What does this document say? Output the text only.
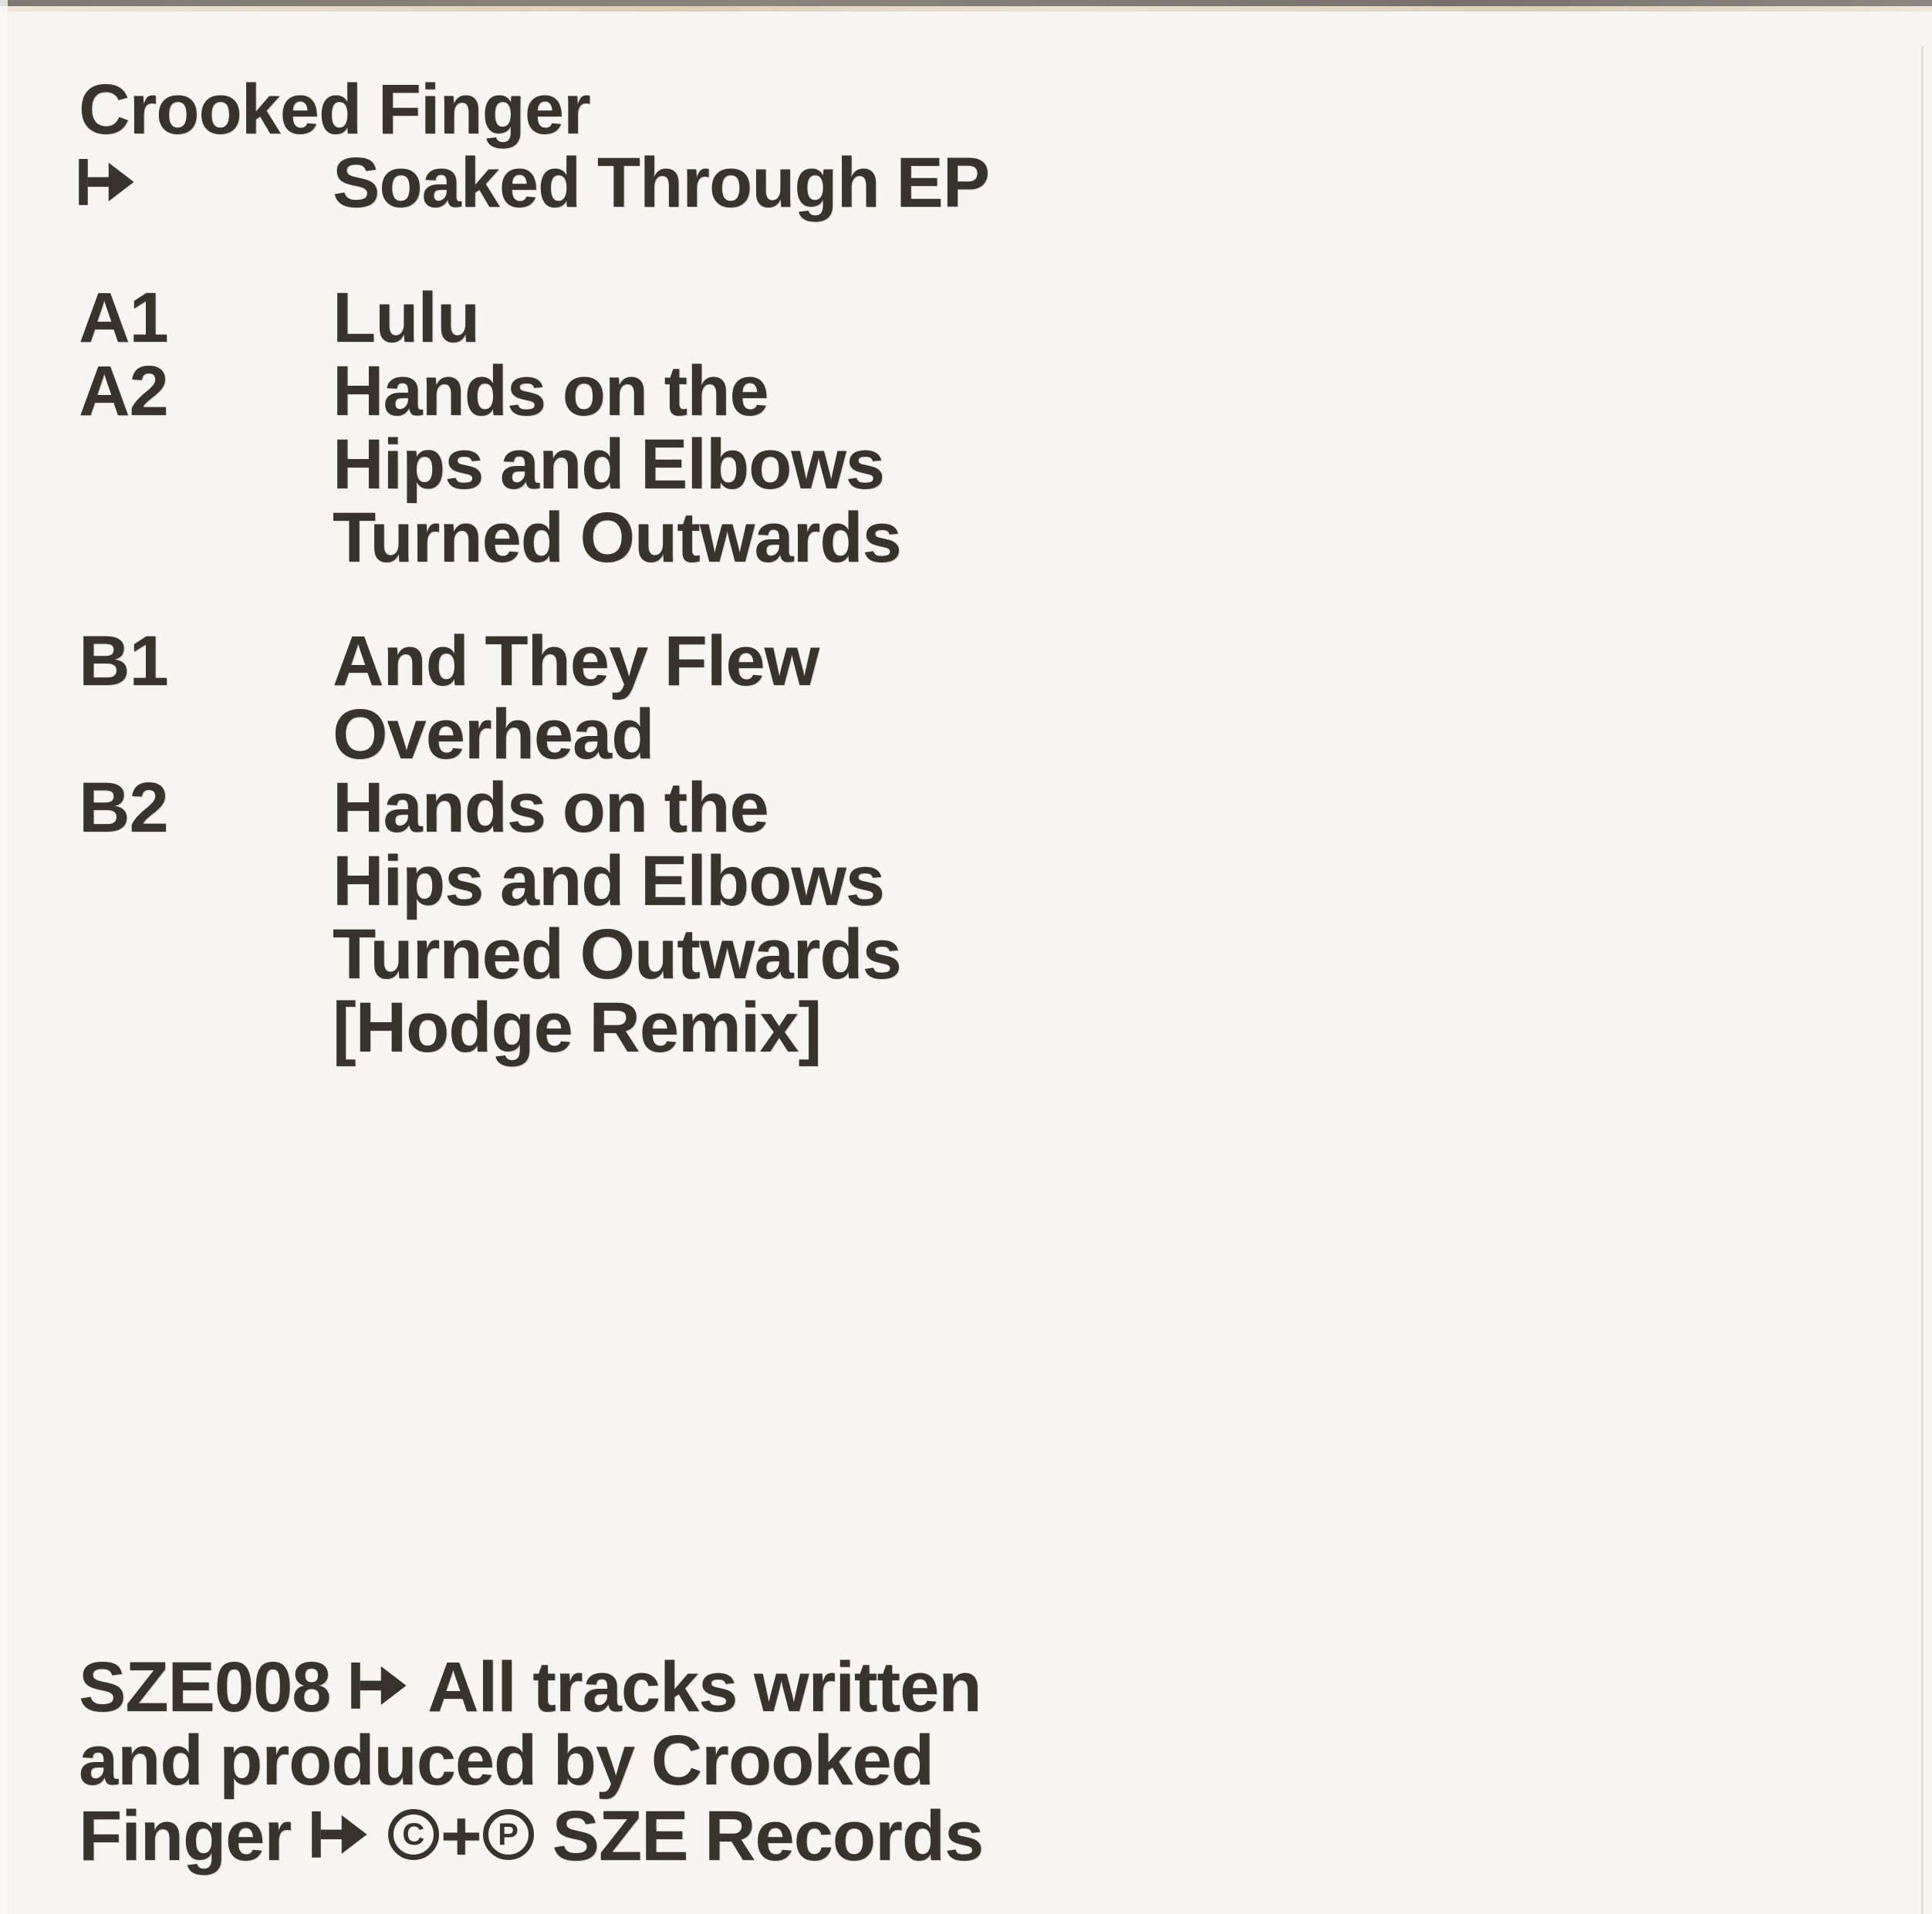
Crooked Finger
Soaked Through EP
A1	Lulu
A2	Hands on the
Hips and Elbows
Turned Outwards
B1	And They Flew
Overhead
B2	Hands on the
Hips and Elbows
Turned Outwards
[Hodge Remix]
SZE008 All tracks written
and produced by Crooked
Finger	C + P SZE Records
